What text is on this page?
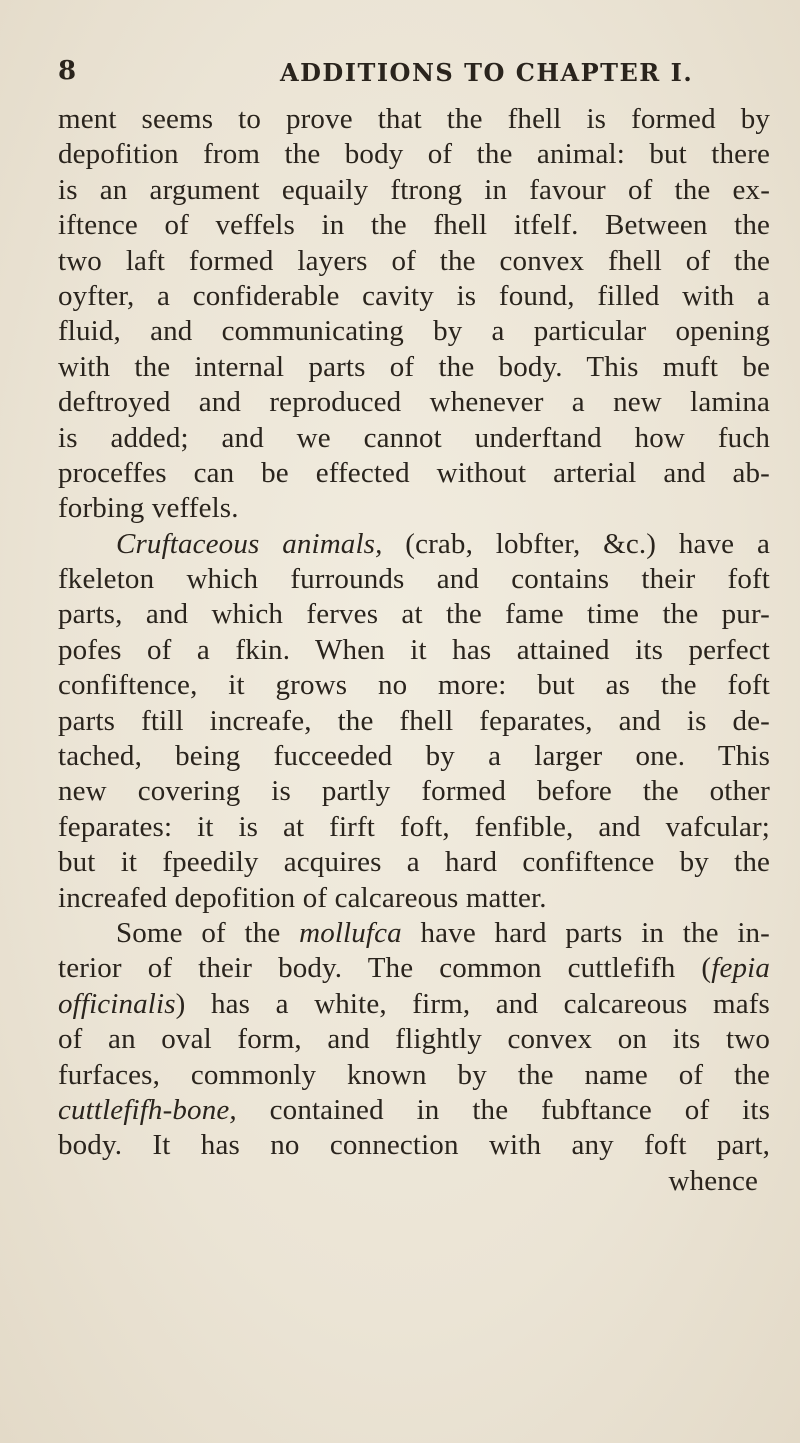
8	ADDITIONS TO CHAPTER I.
ment seems to prove that the fhell is formed by
depofition from the body of the animal: but there
is an argument equaily ftrong in favour of the ex-
iftence of veffels in the fhell itfelf. Between the
two laft formed layers of the convex fhell of the
oyfter, a confiderable cavity is found, filled with a
fluid, and communicating by a particular opening
with the internal parts of the body. This muft be
deftroyed and reproduced whenever a new lamina
is added; and we cannot underftand how fuch
proceffes can be effected without arterial and ab-
forbing veffels.
Cruftaceous animals, (crab, lobfter, &c.) have a
fkeleton which furrounds and contains their foft
parts, and which ferves at the fame time the pur-
pofes of a fkin. When it has attained its perfect
confiftence, it grows no more: but as the foft
parts ftill increafe, the fhell feparates, and is de-
tached, being fucceeded by a larger one. This
new covering is partly formed before the other
feparates: it is at firft foft, fenfible, and vafcular;
but it fpeedily acquires a hard confiftence by the
increafed depofition of calcareous matter.
Some of the mollufca have hard parts in the in-
terior of their body. The common cuttlefifh (fepia
officinalis) has a white, firm, and calcareous mafs
of an oval form, and flightly convex on its two
furfaces, commonly known by the name of the
cuttlefifh-bone, contained in the fubftance of its
body. It has no connection with any foft part,
whence
